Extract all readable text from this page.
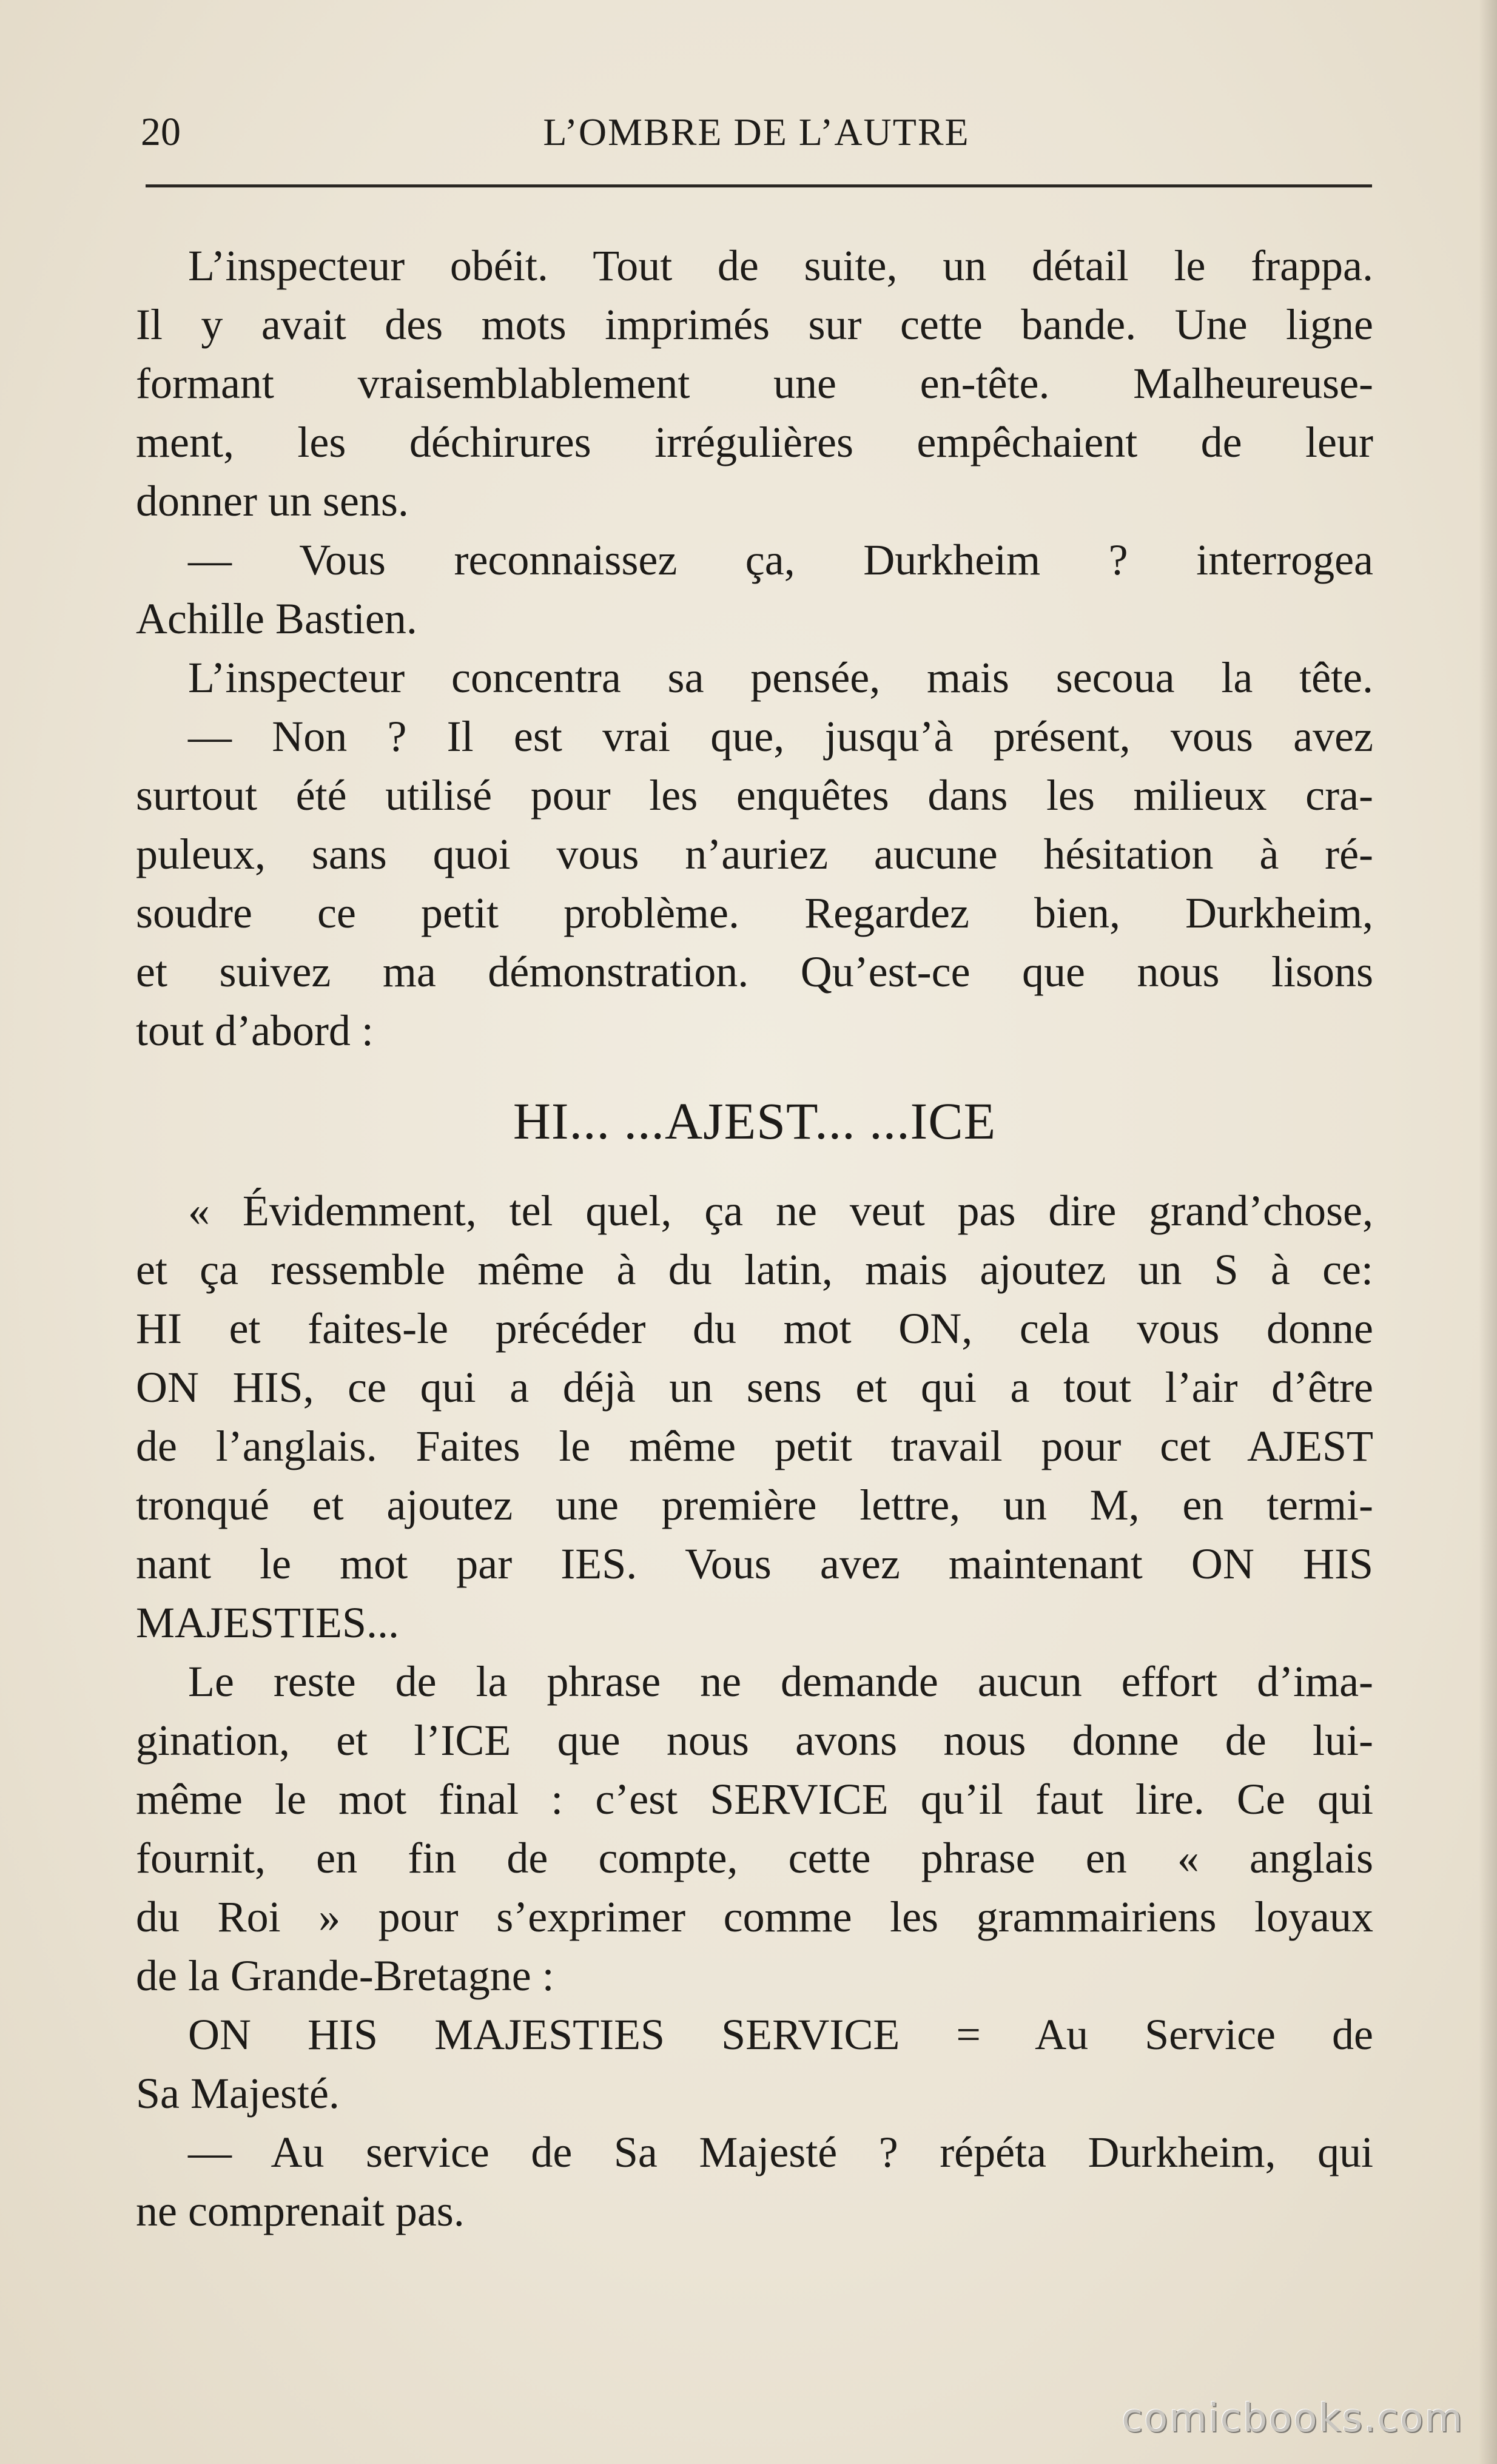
20	L’OMBRE DE L’AUTRE
L’inspecteur obéit. Tout de suite, un détail le frappa.
Il y avait des mots imprimés sur cette bande. Une ligne
formant vraisemblablement une en-tête. Malheureuse-
ment, les déchirures irrégulières empêchaient de leur
donner un sens.
— Vous reconnaissez ça, Durkheim ? interrogea
Achille Bastien.
L’inspecteur concentra sa pensée, mais secoua la tête.
— Non ? Il est vrai que, jusqu’à présent, vous avez
surtout été utilisé pour les enquêtes dans les milieux cra-
puleux, sans quoi vous n’auriez aucune hésitation à ré-
soudre ce petit problème. Regardez bien, Durkheim,
et suivez ma démonstration. Qu’est-ce que nous lisons
tout d’abord :
HI... ...AJEST... ...ICE
« Évidemment, tel quel, ça ne veut pas dire grand’chose,
et ça ressemble même à du latin, mais ajoutez un S à ce:
HI et faites-le précéder du mot ON, cela vous donne
ON HIS, ce qui a déjà un sens et qui a tout l’air d’être
de l’anglais. Faites le même petit travail pour cet AJEST
tronqué et ajoutez une première lettre, un M, en termi-
nant le mot par IES. Vous avez maintenant ON HIS
MAJESTIES...
Le reste de la phrase ne demande aucun effort d’ima-
gination, et l’ICE que nous avons nous donne de lui-
même le mot final : c’est SERVICE qu’il faut lire. Ce qui
fournit, en fin de compte, cette phrase en « anglais
du Roi » pour s’exprimer comme les grammairiens loyaux
de la Grande-Bretagne :
ON HIS MAJESTIES SERVICE = Au Service de
Sa Majesté.
— Au service de Sa Majesté ? répéta Durkheim, qui
ne comprenait pas.
comicbooks.com
